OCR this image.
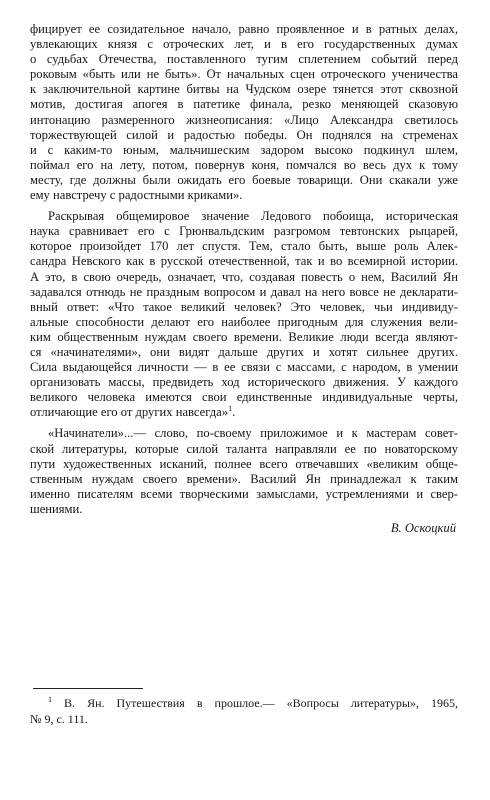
фицирует ее созидательное начало, равно проявленное и в ратных делах,
увлекающих князя с отроческих лет, и в его государственных думах
о судьбах Отечества, поставленного тугим сплетением событий перед
роковым «быть или не быть». От начальных сцен отроческого ученичества
к заключительной картине битвы на Чудском озере тянется этот сквозной
мотив, достигая апогея в патетике финала, резко меняющей сказовую
интонацию размеренного жизнеописания: «Лицо Александра светилось
торжествующей силой и радостью победы. Он поднялся на стременах
и с каким-то юным, мальчишеским задором высоко подкинул шлем,
поймал его на лету, потом, повернув коня, помчался во весь дух к тому
месту, где должны были ожидать его боевые товарищи. Они скакали уже
ему навстречу с радостными криками».
Раскрывая общемировое значение Ледового побоища, историческая
наука сравнивает его с Грюнвальдским разгромом тевтонских рыцарей,
которое произойдет 170 лет спустя. Тем, стало быть, выше роль Алек-
сандра Невского как в русской отечественной, так и во всемирной истории.
А это, в свою очередь, означает, что, создавая повесть о нем, Василий Ян
задавался отнюдь не праздным вопросом и давал на него вовсе не декларати-
вный ответ: «Что такое великий человек? Это человек, чьи индивиду-
альные способности делают его наиболее пригодным для служения вели-
ким общественным нуждам своего времени. Великие люди всегда являют-
ся «начинателями», они видят дальше других и хотят сильнее других.
Сила выдающейся личности — в ее связи с массами, с народом, в умении
организовать массы, предвидеть ход исторического движения. У каждого
великого человека имеются свои единственные индивидуальные черты,
отличающие его от других навсегда»$^1$.
«Начинатели»...— слово, по-своему приложимое и к мастерам совет-
ской литературы, которые силой таланта направляли ее по новаторскому
пути художественных исканий, полнее всего отвечавших «великим обще-
ственным нуждам своего времени». Василий Ян принадлежал к таким
именно писателям всеми творческими замыслами, устремлениями и свер-
шениями.
В. Оскоцкий
$^1$ В. Ян. Путешествия в прошлое.— «Вопросы литературы», 1965,
№ 9, с. 111.
